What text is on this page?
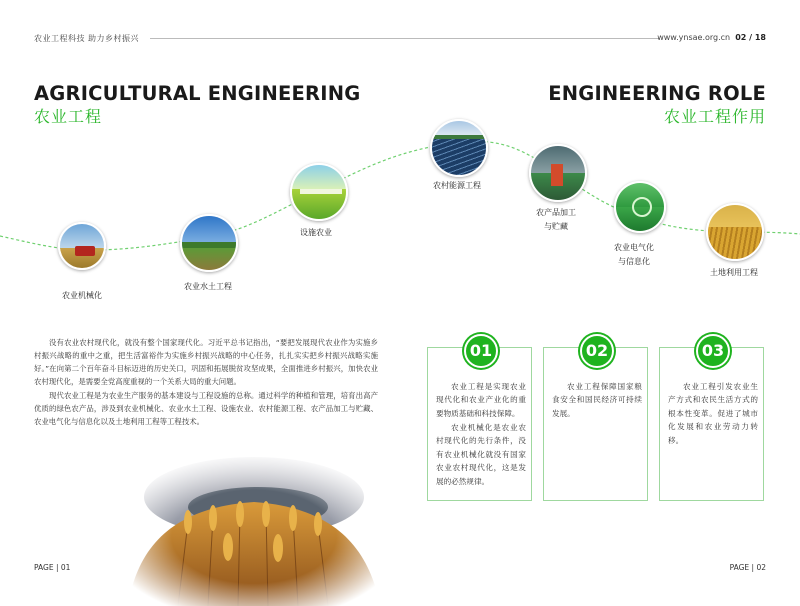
农业工程科技 助力乡村振兴	www.ynsae.org.cn 02 / 18
AGRICULTURAL ENGINEERING
农业工程
ENGINEERING ROLE
农业工程作用
农业机械化
农业水土工程
设施农业
农村能源工程
农产品加工
与贮藏
农业电气化
与信息化
土地利用工程
没有农业农村现代化，就没有整个国家现代化。习近平总书记指出，“要把发展现代农业作为实施乡村振兴战略的重中之重，把生活富裕作为实施乡村振兴战略的中心任务，扎扎实实把乡村振兴战略实施好。”在向第二个百年奋斗目标迈进的历史关口，巩固和拓展脱贫攻坚成果，全面推进乡村振兴，加快农业农村现代化，是需要全党高度重视的一个关系大局的重大问题。
现代农业工程是为农业生产服务的基本建设与工程设施的总称。通过科学的种植和管理，培育出高产优质的绿色农产品，涉及到农业机械化、农业水土工程、设施农业、农村能源工程、农产品加工与贮藏、农业电气化与信息化以及土地利用工程等工程技术。
01
农业工程是实现农业现代化和农业产业化的重要物质基础和科技保障。
农业机械化是农业农村现代化的先行条件，没有农业机械化就没有国家农业农村现代化，这是发展的必然规律。
02
农业工程保障国家粮食安全和国民经济可持续发展。
03
农业工程引发农业生产方式和农民生活方式的根本性变革。促进了城市化发展和农业劳动力转移。
PAGE | 01	PAGE | 02
